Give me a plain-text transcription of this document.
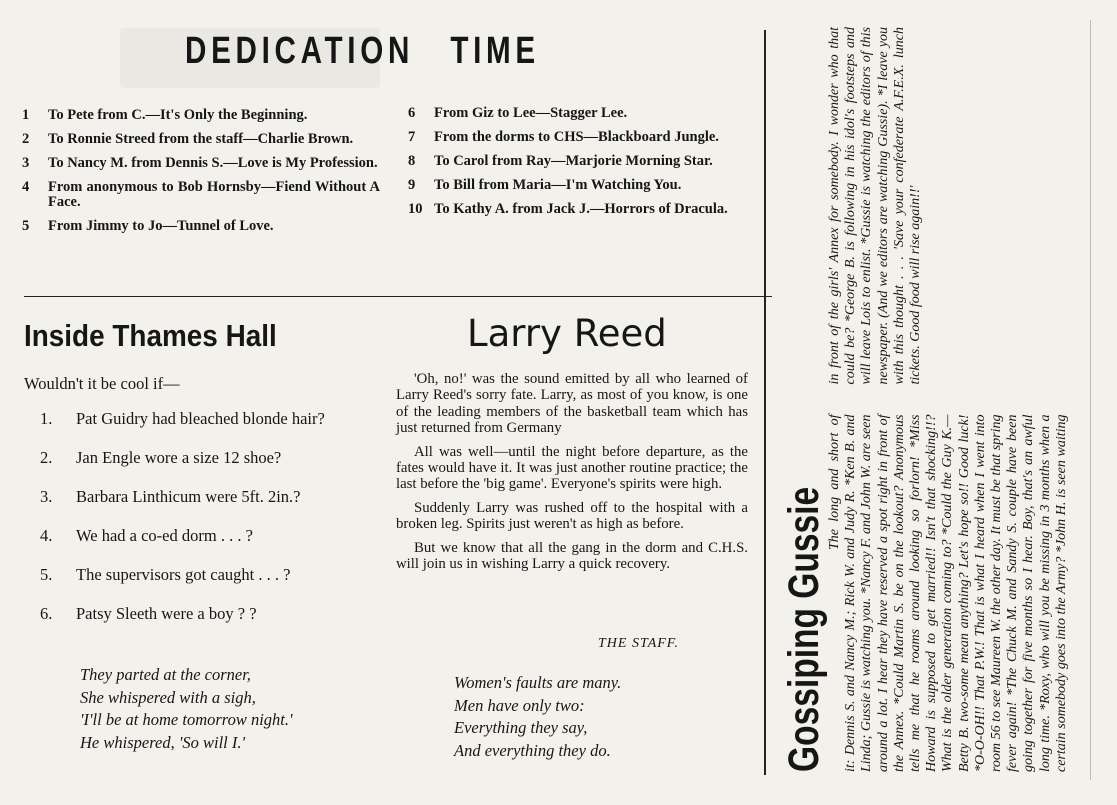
DEDICATION TIME
1	To Pete from C.—It's Only the Beginning.
2	To Ronnie Streed from the staff—Charlie Brown.
3	To Nancy M. from Dennis S.—Love is My Profession.
4	From anonymous to Bob Hornsby—Fiend Without A Face.
5	From Jimmy to Jo—Tunnel of Love.
6	From Giz to Lee—Stagger Lee.
7	From the dorms to CHS—Blackboard Jungle.
8	To Carol from Ray—Marjorie Morning Star.
9	To Bill from Maria—I'm Watching You.
10 To Kathy A. from Jack J.—Horrors of Dracula.
Inside Thames Hall	Larry Reed

Wouldn't it be cool if—

1.	Pat Guidry had bleached blonde hair?
2.	Jan Engle wore a size 12 shoe?
3.	Barbara Linthicum were 5ft. 2in.?
4.	We had a co-ed dorm . . . ?
5.	The supervisors got caught . . . ?
6.	Patsy Sleeth were a boy ? ?

'Oh, no!' was the sound emitted by all who learned of Larry Reed's sorry fate. Larry, as most of you know, is one of the leading members of the basketball team which has just returned from Germany

All was well—until the night before departure, as the fates would have it. It was just another routine practice; the last before the 'big game'. Everyone's spirits were high.

Suddenly Larry was rushed off to the hospital with a broken leg. Spirits just weren't as high as before.

But we know that all the gang in the dorm and C.H.S. will join us in wishing Larry a quick recovery.

THE STAFF.
They parted at the corner,
She whispered with a sigh,
'I'll be at home tomorrow night.'
He whispered, 'So will I.'
Women's faults are many.
Men have only two:
Everything they say,
And everything they do.	Gossiping Gussie

The long and short of it: Dennis S. and Nancy M.; Rick W. and Judy R. *Ken B. and Linda; Gussie is watching you. *Nancy F. and John W. are seen around a lot. I hear they have reserved a spot right in front of the Annex. *Could Martin S. be on the lookout? Anonymous tells me that he roams around looking so forlorn! *Miss Howard is supposed to get married!! Isn't that shocking!!? What is the older generation coming to? *Could the Guy K.—Betty B. two-some mean anything? Let's hope so!! Good luck! *O-O-OH!! That P.W.! That is what I heard when I went into room 56 to see Maureen W. the other day. It must be that spring fever again! *The Chuck M. and Sandy S. couple have been going together for five months so I hear. Boy, that's an awful long time. *Roxy, who will you be missing in 3 months when a certain somebody goes into the Army? *John H. is seen waiting in front of the girls' Annex for somebody. I wonder who that could be? *George B. is following in his idol's footsteps and will leave Lois to enlist. *Gussie is watching the editors of this newspaper. (And we editors are watching Gussie). *I leave you with this thought . . . 'Save your confederate A.F.E.X. lunch tickets. Good food will rise again!!'
